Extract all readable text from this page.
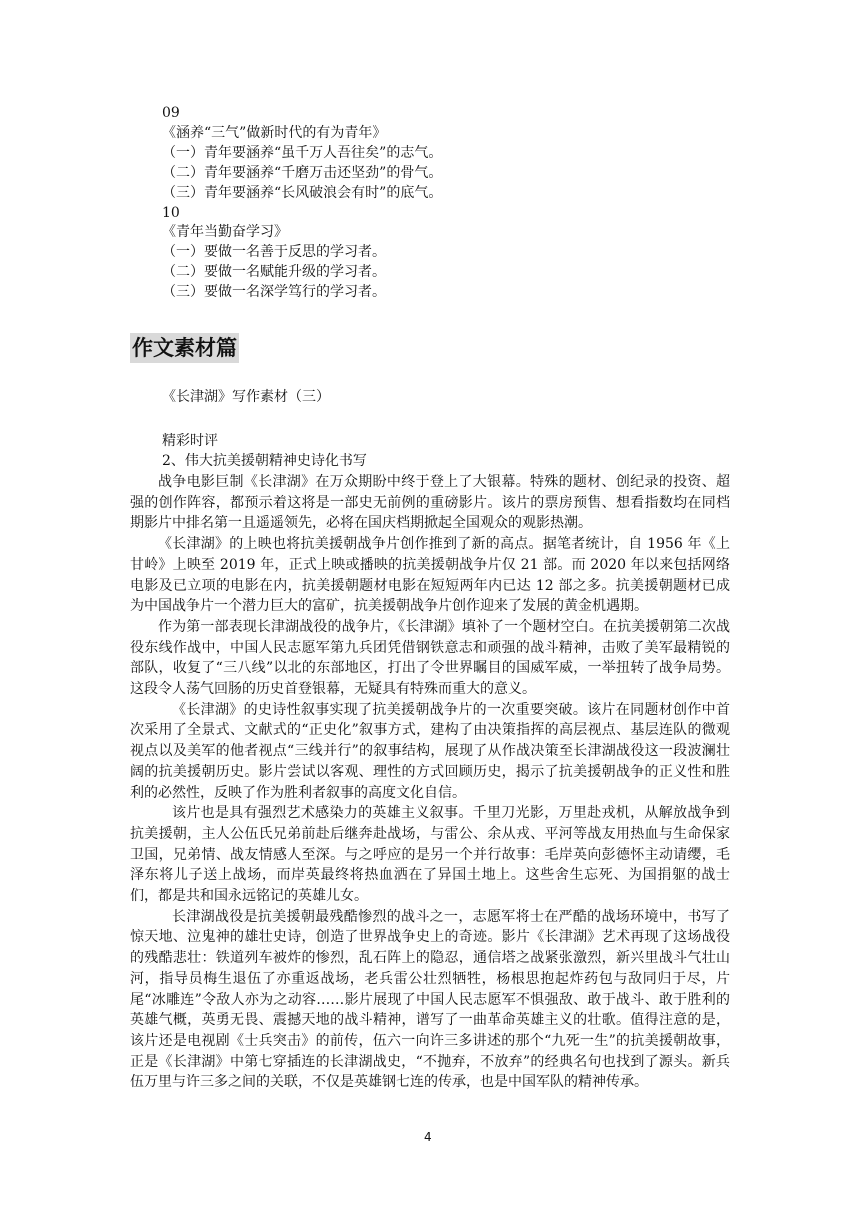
09
《涵养“三气”做新时代的有为青年》
（一）青年要涵养“虽千万人吾往矣”的志气。
（二）青年要涵养“千磨万击还坚劲”的骨气。
（三）青年要涵养“长风破浪会有时”的底气。
10
《青年当勤奋学习》
（一）要做一名善于反思的学习者。
（二）要做一名赋能升级的学习者。
（三）要做一名深学笃行的学习者。
作文素材篇
《长津湖》写作素材（三）
精彩时评
2、伟大抗美援朝精神史诗化书写

战争电影巨制《长津湖》在万众期盼中终于登上了大银幕。特殊的题材、创纪录的投资、超强的创作阵容，都预示着这将是一部史无前例的重磅影片。该片的票房预售、想看指数均在同档期影片中排名第一且遥遥领先，必将在国庆档期掀起全国观众的观影热潮。

《长津湖》的上映也将抗美援朝战争片创作推到了新的高点。据笔者统计，自 1956 年《上甘岭》上映至 2019 年，正式上映或播映的抗美援朝战争片仅 21 部。而 2020 年以来包括网络电影及已立项的电影在内，抗美援朝题材电影在短短两年内已达 12 部之多。抗美援朝题材已成为中国战争片一个潜力巨大的富矿，抗美援朝战争片创作迎来了发展的黄金机遇期。

作为第一部表现长津湖战役的战争片，《长津湖》填补了一个题材空白。在抗美援朝第二次战役东线作战中，中国人民志愿军第九兵团凭借钢铁意志和顽强的战斗精神，击败了美军最精锐的部队，收复了“三八线”以北的东部地区，打出了令世界瞩目的国威军威，一举扭转了战争局势。这段令人荡气回肠的历史首登银幕，无疑具有特殊而重大的意义。

《长津湖》的史诗性叙事实现了抗美援朝战争片的一次重要突破。该片在同题材创作中首次采用了全景式、文献式的“正史化”叙事方式，建构了由决策指挥的高层视点、基层连队的微观视点以及美军的他者视点“三线并行”的叙事结构，展现了从作战决策至长津湖战役这一段波澜壮阔的抗美援朝历史。影片尝试以客观、理性的方式回顾历史，揭示了抗美援朝战争的正义性和胜利的必然性，反映了作为胜利者叙事的高度文化自信。

该片也是具有强烈艺术感染力的英雄主义叙事。千里刀光影，万里赴戎机，从解放战争到抗美援朝，主人公伍氏兄弟前赴后继奔赴战场，与雷公、余从戎、平河等战友用热血与生命保家卫国，兄弟情、战友情感人至深。与之呼应的是另一个并行故事：毛岸英向彭德怀主动请缨，毛泽东将儿子送上战场，而岸英最终将热血洒在了异国土地上。这些舍生忘死、为国捐躯的战士们，都是共和国永远铭记的英雄儿女。

长津湖战役是抗美援朝最残酷惨烈的战斗之一，志愿军将士在严酷的战场环境中，书写了惊天地、泣鬼神的雄壮史诗，创造了世界战争史上的奇迹。影片《长津湖》艺术再现了这场战役的残酷悲壮：铁道列车被炸的惨烈，乱石阵上的隐忍，通信塔之战紧张激烈，新兴里战斗气壮山河，指导员梅生退伍了亦重返战场，老兵雷公壮烈牺牲，杨根思抱起炸药包与敌同归于尽，片尾“冰雕连”令敌人亦为之动容……影片展现了中国人民志愿军不惧强敌、敢于战斗、敢于胜利的英雄气概，英勇无畏、震撼天地的战斗精神，谱写了一曲革命英雄主义的壮歌。值得注意的是，该片还是电视剧《士兵突击》的前传，伍六一向许三多讲述的那个“九死一生”的抗美援朝故事，正是《长津湖》中第七穿插连的长津湖战史，“不抛弃，不放弃”的经典名句也找到了源头。新兵伍万里与许三多之间的关联，不仅是英雄钢七连的传承，也是中国军队的精神传承。

4
